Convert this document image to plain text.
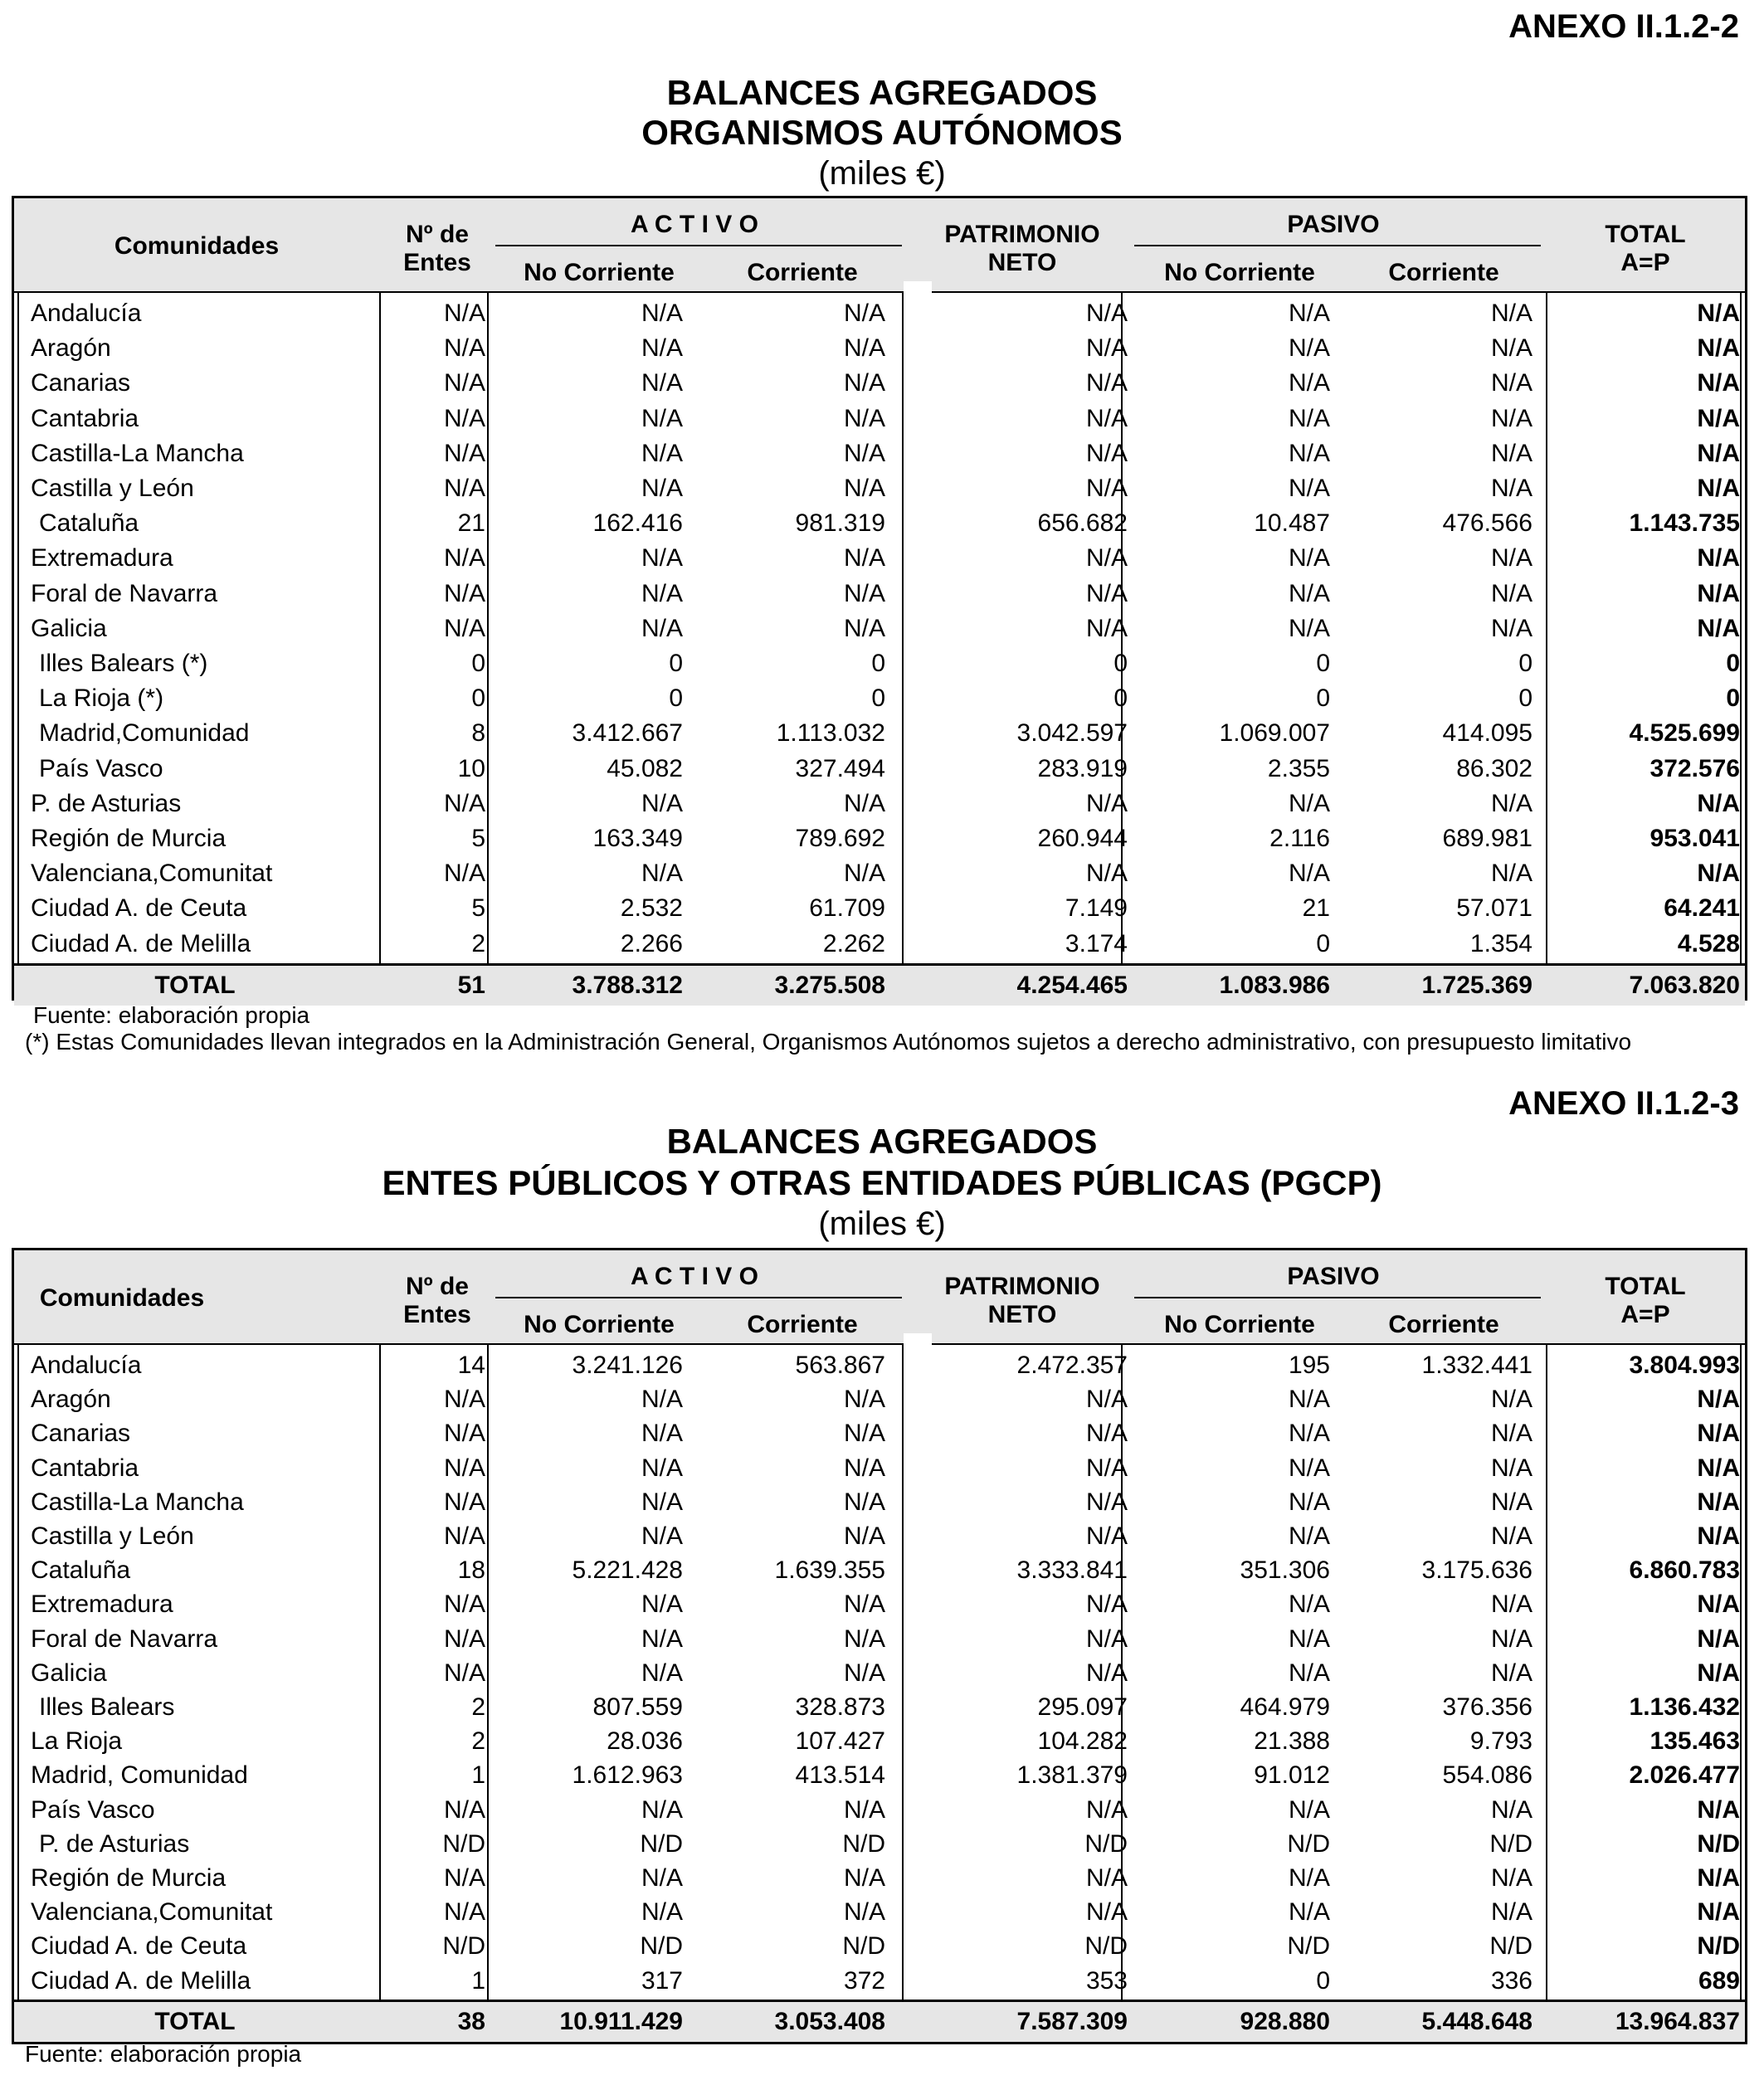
ANEXO II.1.2-2
BALANCES AGREGADOS
ORGANISMOS AUTÓNOMOS
(miles €)
Comunidades	Nº de
Entes
A C T I V O
No Corriente	Corriente
PATRIMONIO
NETO
PASIVO
No Corriente	Corriente
TOTAL
A=P
Andalucía	N/A	N/A	N/A	N/A	N/A	N/A	N/A
Aragón	N/A	N/A	N/A	N/A	N/A	N/A	N/A
Canarias	N/A	N/A	N/A	N/A	N/A	N/A	N/A
Cantabria	N/A	N/A	N/A	N/A	N/A	N/A	N/A
Castilla-La Mancha	N/A	N/A	N/A	N/A	N/A	N/A	N/A
Castilla y León	N/A	N/A	N/A	N/A	N/A	N/A	N/A
Cataluña	21	162.416	981.319	656.682	10.487	476.566	1.143.735
Extremadura	N/A	N/A	N/A	N/A	N/A	N/A	N/A
Foral de Navarra	N/A	N/A	N/A	N/A	N/A	N/A	N/A
Galicia	N/A	N/A	N/A	N/A	N/A	N/A	N/A
Illes Balears (*)	0	0	0	0	0	0	0
La Rioja (*)	0	0	0	0	0	0	0
Madrid,Comunidad	8	3.412.667	1.113.032	3.042.597	1.069.007	414.095	4.525.699
País Vasco	10	45.082	327.494	283.919	2.355	86.302	372.576
P. de Asturias	N/A	N/A	N/A	N/A	N/A	N/A	N/A
Región de Murcia	5	163.349	789.692	260.944	2.116	689.981	953.041
Valenciana,Comunitat	N/A	N/A	N/A	N/A	N/A	N/A	N/A
Ciudad A. de Ceuta	5	2.532	61.709	7.149	21	57.071	64.241
Ciudad A. de Melilla	2	2.266	2.262	3.174	0	1.354	4.528
TOTAL	51	3.788.312	3.275.508	4.254.465	1.083.986	1.725.369	7.063.820
Fuente: elaboración propia
(*) Estas Comunidades llevan integrados en la Administración General, Organismos Autónomos sujetos a derecho administrativo, con presupuesto limitativo
ANEXO II.1.2-3
BALANCES AGREGADOS
ENTES PÚBLICOS Y OTRAS ENTIDADES PÚBLICAS (PGCP)
(miles €)
Comunidades	Nº de
Entes
A C T I V O
No Corriente	Corriente
PATRIMONIO
NETO
PASIVO
No Corriente	Corriente
TOTAL
A=P
Andalucía	14	3.241.126	563.867	2.472.357	195	1.332.441	3.804.993
Aragón	N/A	N/A	N/A	N/A	N/A	N/A	N/A
Canarias	N/A	N/A	N/A	N/A	N/A	N/A	N/A
Cantabria	N/A	N/A	N/A	N/A	N/A	N/A	N/A
Castilla-La Mancha	N/A	N/A	N/A	N/A	N/A	N/A	N/A
Castilla y León	N/A	N/A	N/A	N/A	N/A	N/A	N/A
Cataluña	18	5.221.428	1.639.355	3.333.841	351.306	3.175.636	6.860.783
Extremadura	N/A	N/A	N/A	N/A	N/A	N/A	N/A
Foral de Navarra	N/A	N/A	N/A	N/A	N/A	N/A	N/A
Galicia	N/A	N/A	N/A	N/A	N/A	N/A	N/A
Illes Balears	2	807.559	328.873	295.097	464.979	376.356	1.136.432
La Rioja	2	28.036	107.427	104.282	21.388	9.793	135.463
Madrid, Comunidad	1	1.612.963	413.514	1.381.379	91.012	554.086	2.026.477
País Vasco	N/A	N/A	N/A	N/A	N/A	N/A	N/A
P. de Asturias	N/D	N/D	N/D	N/D	N/D	N/D	N/D
Región de Murcia	N/A	N/A	N/A	N/A	N/A	N/A	N/A
Valenciana,Comunitat	N/A	N/A	N/A	N/A	N/A	N/A	N/A
Ciudad A. de Ceuta	N/D	N/D	N/D	N/D	N/D	N/D	N/D
Ciudad A. de Melilla	1	317	372	353	0	336	689
TOTAL	38	10.911.429	3.053.408	7.587.309	928.880	5.448.648	13.964.837
Fuente: elaboración propia
